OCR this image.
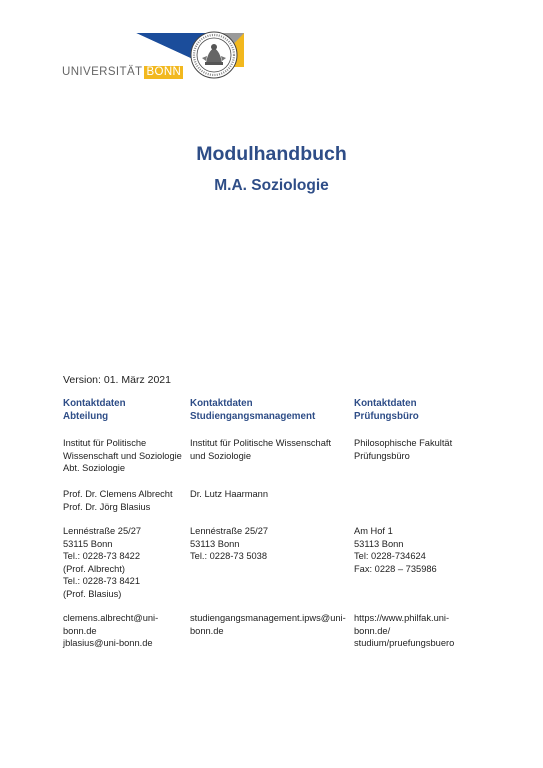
UNIVERSITÄT BONN
Modulhandbuch
M.A. Soziologie
Version: 01. März 2021
Kontaktdaten
Abteilung
Institut für Politische
Wissenschaft und Soziologie
Abt. Soziologie
Prof. Dr. Clemens Albrecht
Prof. Dr. Jörg Blasius
Lennéstraße 25/27
53115 Bonn
Tel.: 0228-73 8422
(Prof. Albrecht)
Tel.: 0228-73 8421
(Prof. Blasius)
clemens.albrecht@uni-
bonn.de
jblasius@uni-bonn.de
Kontaktdaten
Studiengangsmanagement
Institut für Politische Wissenschaft
und Soziologie
Dr. Lutz Haarmann
Lennéstraße 25/27
53113 Bonn
Tel.: 0228-73 5038
studiengangsmanagement.ipws@uni-
bonn.de
Kontaktdaten
Prüfungsbüro
Philosophische Fakultät
Prüfungsbüro
Am Hof 1
53113 Bonn
Tel: 0228-734624
Fax: 0228 – 735986
https://www.philfak.uni-
bonn.de/
studium/pruefungsbuero
